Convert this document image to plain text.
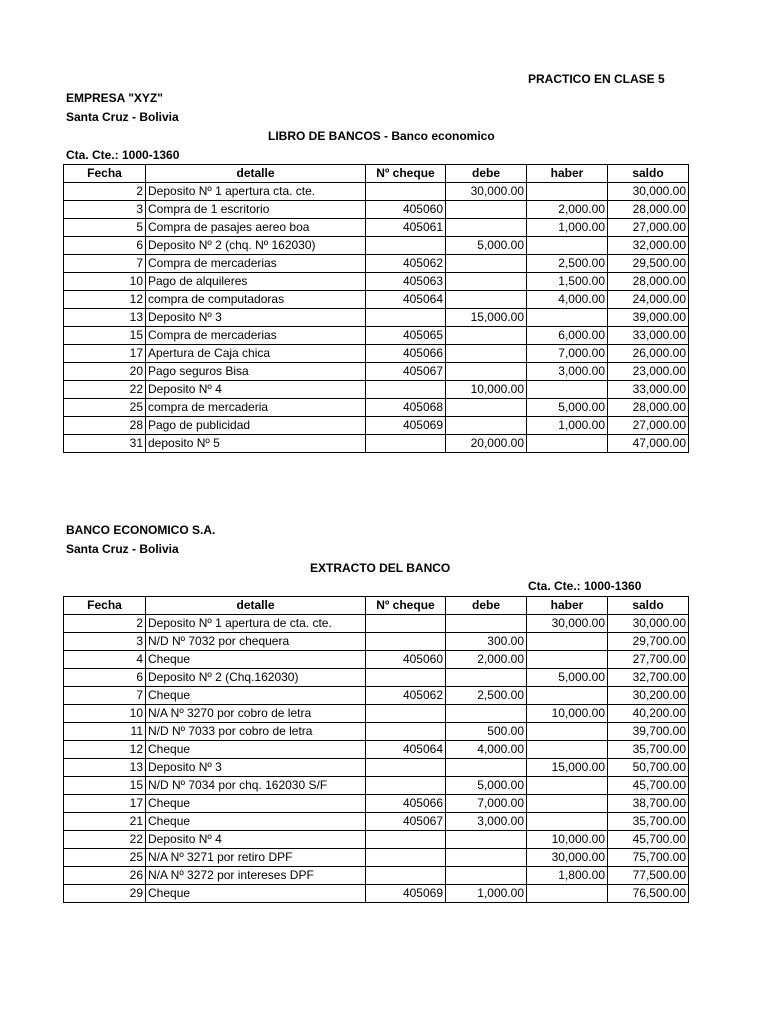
PRACTICO EN CLASE 5
EMPRESA "XYZ"
Santa Cruz - Bolivia
LIBRO DE BANCOS - Banco economico
Cta. Cte.: 1000-1360
Fecha	detalle	Nº cheque	debe	haber	saldo
2	Deposito Nº 1 apertura cta. cte.		30,000.00		30,000.00
3	Compra de 1 escritorio	405060		2,000.00	28,000.00
5	Compra de pasajes aereo boa	405061		1,000.00	27,000.00
6	Deposito Nº 2 (chq. Nº 162030)		5,000.00		32,000.00
7	Compra de mercaderias	405062		2,500.00	29,500.00
10	Pago de alquileres	405063		1,500.00	28,000.00
12	compra de computadoras	405064		4,000.00	24,000.00
13	Deposito Nº 3		15,000.00		39,000.00
15	Compra de mercaderias	405065		6,000.00	33,000.00
17	Apertura de Caja chica	405066		7,000.00	26,000.00
20	Pago seguros Bisa	405067		3,000.00	23,000.00
22	Deposito Nº 4		10,000.00		33,000.00
25	compra de mercaderia	405068		5,000.00	28,000.00
28	Pago de publicidad	405069		1,000.00	27,000.00
31	deposito Nº 5		20,000.00		47,000.00
BANCO ECONOMICO S.A.
Santa Cruz - Bolivia
EXTRACTO DEL BANCO
Cta. Cte.: 1000-1360
Fecha	detalle	Nº cheque	debe	haber	saldo
2	Deposito Nº 1 apertura de cta. cte.			30,000.00	30,000.00
3	N/D Nº 7032 por chequera		300.00		29,700.00
4	Cheque	405060	2,000.00		27,700.00
6	Deposito Nº 2 (Chq.162030)			5,000.00	32,700.00
7	Cheque	405062	2,500.00		30,200.00
10	N/A Nº 3270 por cobro de letra			10,000.00	40,200.00
11	N/D Nº 7033 por cobro de letra		500.00		39,700.00
12	Cheque	405064	4,000.00		35,700.00
13	Deposito Nº 3			15,000.00	50,700.00
15	N/D Nº 7034 por chq. 162030 S/F		5,000.00		45,700.00
17	Cheque	405066	7,000.00		38,700.00
21	Cheque	405067	3,000.00		35,700.00
22	Deposito Nº 4			10,000.00	45,700.00
25	N/A Nº 3271 por retiro DPF			30,000.00	75,700.00
26	N/A Nº 3272 por intereses DPF			1,800.00	77,500.00
29	Cheque	405069	1,000.00		76,500.00
